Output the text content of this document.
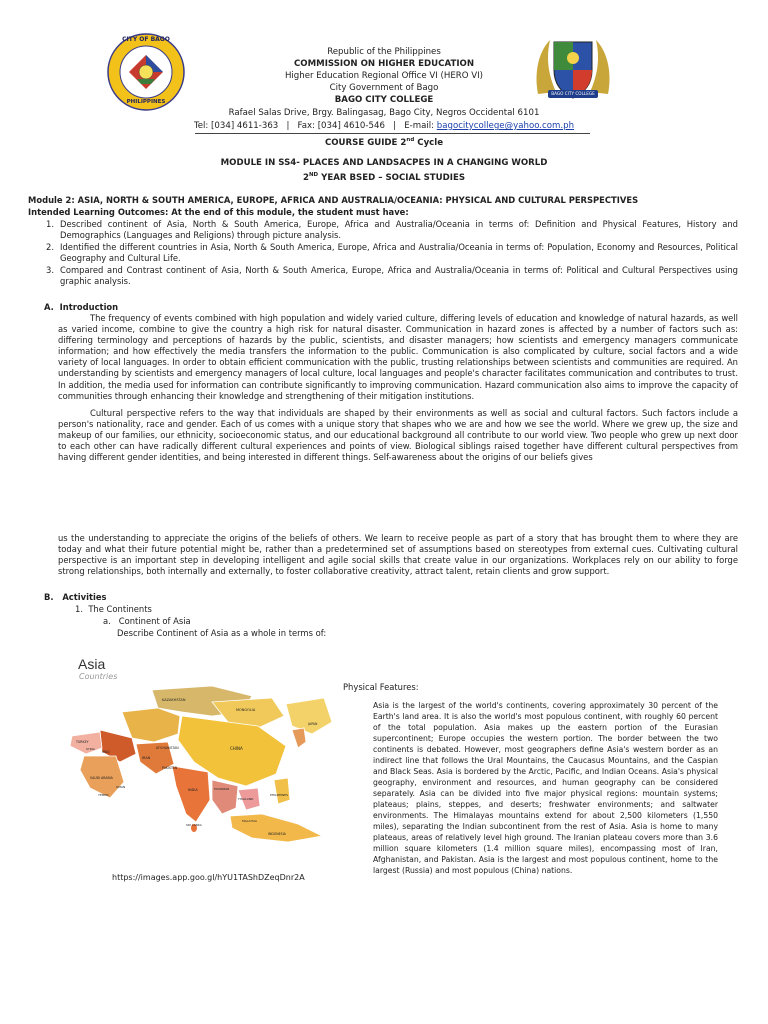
CITY OF BAGO
PHILIPPINES
BAGO CITY COLLEGE
Republic of the Philippines
COMMISSION ON HIGHER EDUCATION
Higher Education Regional Office VI (HERO VI)
City Government of Bago
BAGO CITY COLLEGE
Rafael Salas Drive, Brgy. Balingasag, Bago City, Negros Occidental 6101
Tel: [034] 4611-363   |   Fax: [034] 4610-546   |   E-mail: bagocitycollege@yahoo.com.ph
COURSE GUIDE 2nd Cycle
MODULE IN SS4- PLACES AND LANDSACPES IN A CHANGING WORLD
2ND YEAR BSED – SOCIAL STUDIES
Module 2: ASIA, NORTH & SOUTH AMERICA, EUROPE, AFRICA AND AUSTRALIA/OCEANIA: PHYSICAL AND CULTURAL PERSPECTIVES
Intended Learning Outcomes: At the end of this module, the student must have:
1. Described continent of Asia, North & South America, Europe, Africa and Australia/Oceania in terms of: Definition and Physical Features, History and Demographics (Languages and Religions) through picture analysis.
2. Identified the different countries in Asia, North & South America, Europe, Africa and Australia/Oceania in terms of: Population, Economy and Resources, Political Geography and Cultural Life.
3. Compared and Contrast continent of Asia, North & South America, Europe, Africa and Australia/Oceania in terms of: Political and Cultural Perspectives using graphic analysis.
A. Introduction
The frequency of events combined with high population and widely varied culture, differing levels of education and knowledge of natural hazards, as well as varied income, combine to give the country a high risk for natural disaster. Communication in hazard zones is affected by a number of factors such as: differing terminology and perceptions of hazards by the public, scientists, and disaster managers; how scientists and emergency managers communicate information; and how effectively the media transfers the information to the public. Communication is also complicated by culture, social factors and a wide variety of local languages. In order to obtain efficient communication with the public, trusting relationships between scientists and communities are required. An understanding by scientists and emergency managers of local culture, local languages and people's character facilitates communication and contributes to trust. In addition, the media used for information can contribute significantly to improving communication. Hazard communication also aims to improve the capacity of communities through enhancing their knowledge and strengthening of their mitigation institutions.
Cultural perspective refers to the way that individuals are shaped by their environments as well as social and cultural factors. Such factors include a person's nationality, race and gender. Each of us comes with a unique story that shapes who we are and how we see the world. Where we grew up, the size and makeup of our families, our ethnicity, socioeconomic status, and our educational background all contribute to our world view. Two people who grew up next door to each other can have radically different cultural experiences and points of view. Biological siblings raised together have different cultural perspectives from having different gender identities, and being interested in different things. Self-awareness about the origins of our beliefs gives
us the understanding to appreciate the origins of the beliefs of others. We learn to receive people as part of a story that has brought them to where they are today and what their future potential might be, rather than a predetermined set of assumptions based on stereotypes from external cues. Cultivating cultural perspective is an important step in developing intelligent and agile social skills that create value in our organizations. Workplaces rely on our ability to forge strong relationships, both internally and externally, to foster collaborative creativity, attract talent, retain clients and grow support.
B. Activities
1.  The Continents
a.   Continent of Asia
Describe Continent of Asia as a whole in terms of:
Asia
Countries
KAZAKHSTAN
MONGOLIA
CHINA
INDIA
IRAN
SAUDI ARABIA
PAKISTAN
AFGHANISTAN
TURKEY
IRAQ
SYRIA
YEMEN
OMAN
JAPAN
INDONESIA
PHILIPPINES
MALAYSIA
THAILAND
MYANMAR
SRI LANKA
https://images.app.goo.gl/hYU1TAShDZeqDnr2A
Physical Features:
Asia is the largest of the world's continents, covering approximately 30 percent of the Earth's land area. It is also the world's most populous continent, with roughly 60 percent of the total population. Asia makes up the eastern portion of the Eurasian supercontinent; Europe occupies the western portion. The border between the two continents is debated. However, most geographers define Asia's western border as an indirect line that follows the Ural Mountains, the Caucasus Mountains, and the Caspian and Black Seas. Asia is bordered by the Arctic, Pacific, and Indian Oceans. Asia's physical geography, environment and resources, and human geography can be considered separately. Asia can be divided into five major physical regions: mountain systems; plateaus; plains, steppes, and deserts; freshwater environments; and saltwater environments. The Himalayas mountains extend for about 2,500 kilometers (1,550 miles), separating the Indian subcontinent from the rest of Asia. Asia is home to many plateaus, areas of relatively level high ground. The Iranian plateau covers more than 3.6 million square kilometers (1.4 million square miles), encompassing most of Iran, Afghanistan, and Pakistan. Asia is the largest and most populous continent, home to the largest (Russia) and most populous (China) nations.
